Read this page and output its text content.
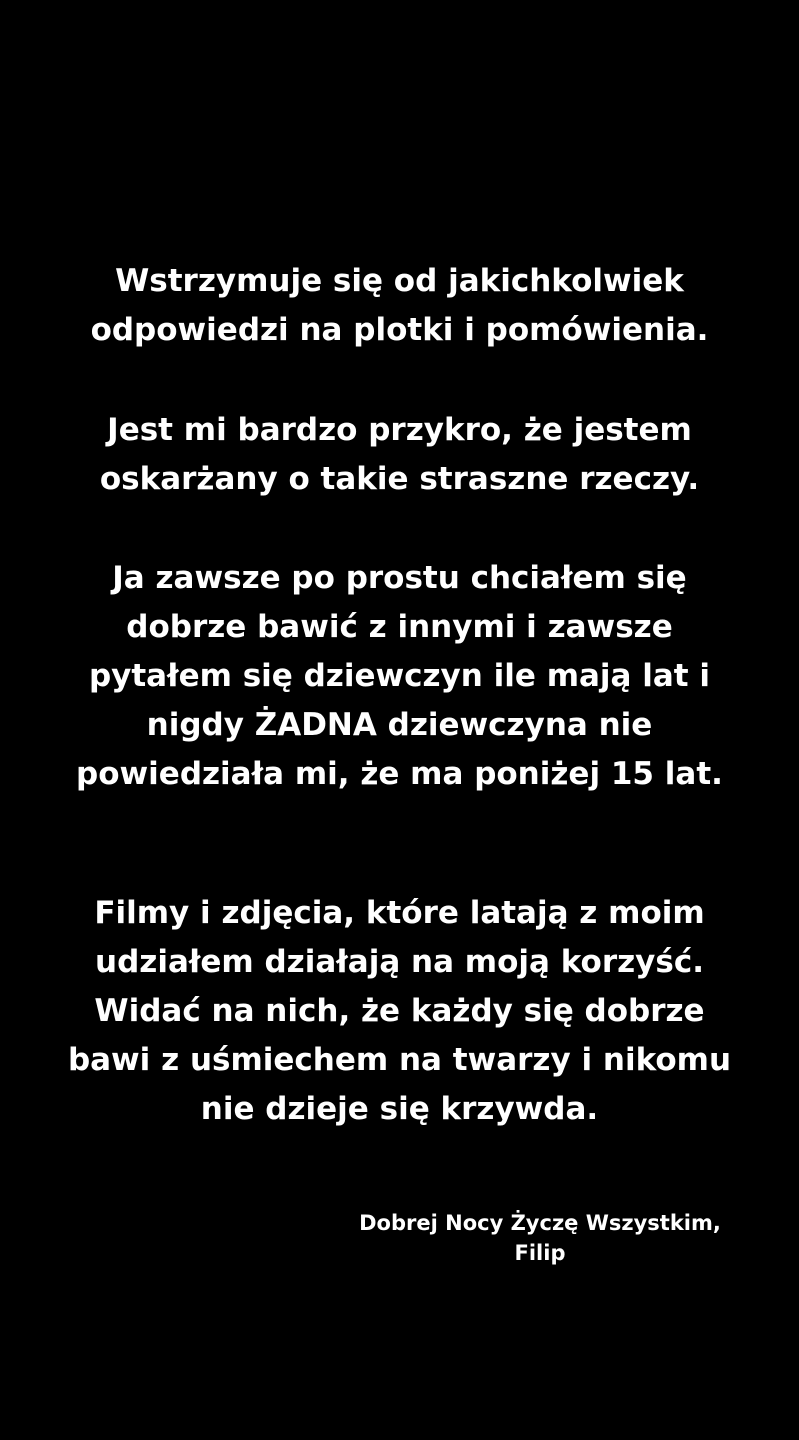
Wstrzymuje się od jakichkolwiek
odpowiedzi na plotki i pomówienia.
Jest mi bardzo przykro, że jestem
oskarżany o takie straszne rzeczy.
Ja zawsze po prostu chciałem się
dobrze bawić z innymi i zawsze
pytałem się dziewczyn ile mają lat i
nigdy ŻADNA dziewczyna nie
powiedziała mi, że ma poniżej 15 lat.
Filmy i zdjęcia, które latają z moim
udziałem działają na moją korzyść.
Widać na nich, że każdy się dobrze
bawi z uśmiechem na twarzy i nikomu
nie dzieje się krzywda.
Dobrej Nocy Życzę Wszystkim,
Filip
